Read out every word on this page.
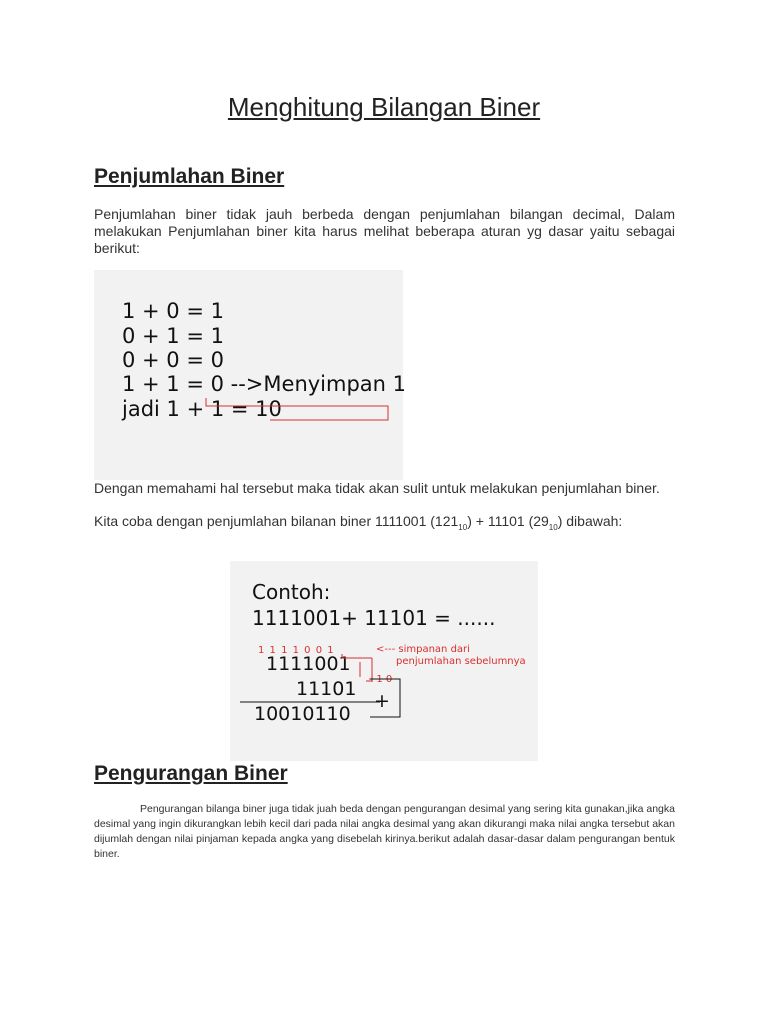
Menghitung Bilangan Biner
Penjumlahan Biner
Penjumlahan biner tidak jauh berbeda dengan penjumlahan bilangan decimal, Dalam melakukan Penjumlahan biner kita harus melihat beberapa aturan yg dasar yaitu sebagai berikut:
1 + 0 = 1
0 + 1 = 1
0 + 0 = 0
1 + 1 = 0 -->Menyimpan 1
jadi 1 + 1 = 10
Dengan memahami hal tersebut maka tidak akan sulit untuk melakukan penjumlahan biner.
Kita coba dengan penjumlahan bilanan biner 1111001 $(121_{10}) + 11101$ $(29_{10})$ dibawah:
Contoh:
1111001+ 11101 = ......
1 1 1 1 0 0 1	<--- simpanan dari
penjumlahan sebelumnya
1111001
+1 0
11101
10010110
+
Pengurangan Biner
Pengurangan bilanga biner juga tidak juah beda dengan pengurangan desimal yang sering kita gunakan,jika angka desimal yang ingin dikurangkan lebih kecil dari pada nilai angka desimal yang akan dikurangi maka nilai angka tersebut akan dijumlah dengan nilai pinjaman kepada angka yang disebelah kirinya.berikut adalah dasar-dasar dalam pengurangan bentuk biner.
